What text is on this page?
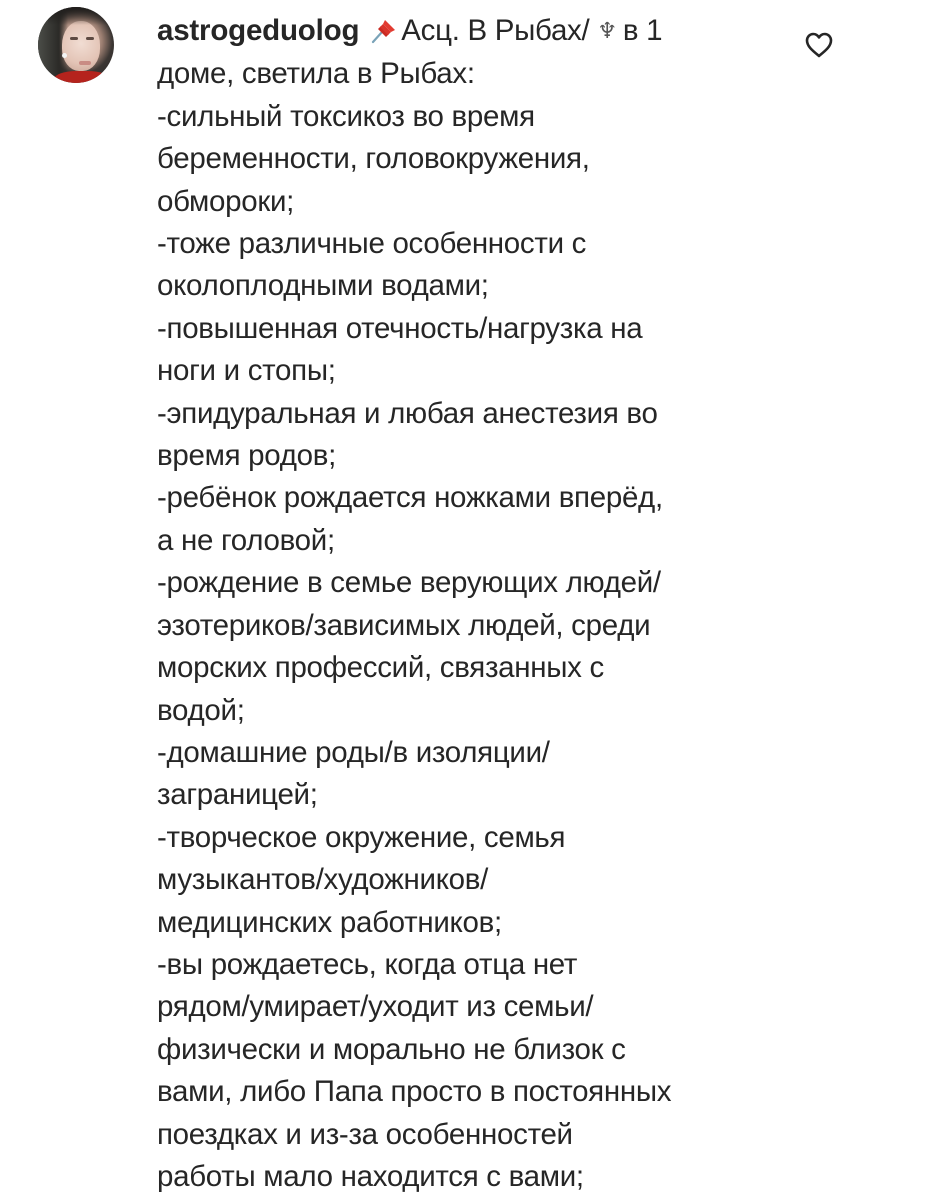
astrogeduolog Асц. В Рыбах/ ♆ в 1
доме, светила в Рыбах:
-сильный токсикоз во время
беременности, головокружения,
обмороки;
-тоже различные особенности с
околоплодными водами;
-повышенная отечность/нагрузка на
ноги и стопы;
-эпидуральная и любая анестезия во
время родов;
-ребёнок рождается ножками вперёд,
а не головой;
-рождение в семье верующих людей/
эзотериков/зависимых людей, среди
морских профессий, связанных с
водой;
-домашние роды/в изоляции/
заграницей;
-творческое окружение, семья
музыкантов/художников/
медицинских работников;
-вы рождаетесь, когда отца нет
рядом/умирает/уходит из семьи/
физически и морально не близок с
вами, либо Папа просто в постоянных
поездках и из-за особенностей
работы мало находится с вами;
